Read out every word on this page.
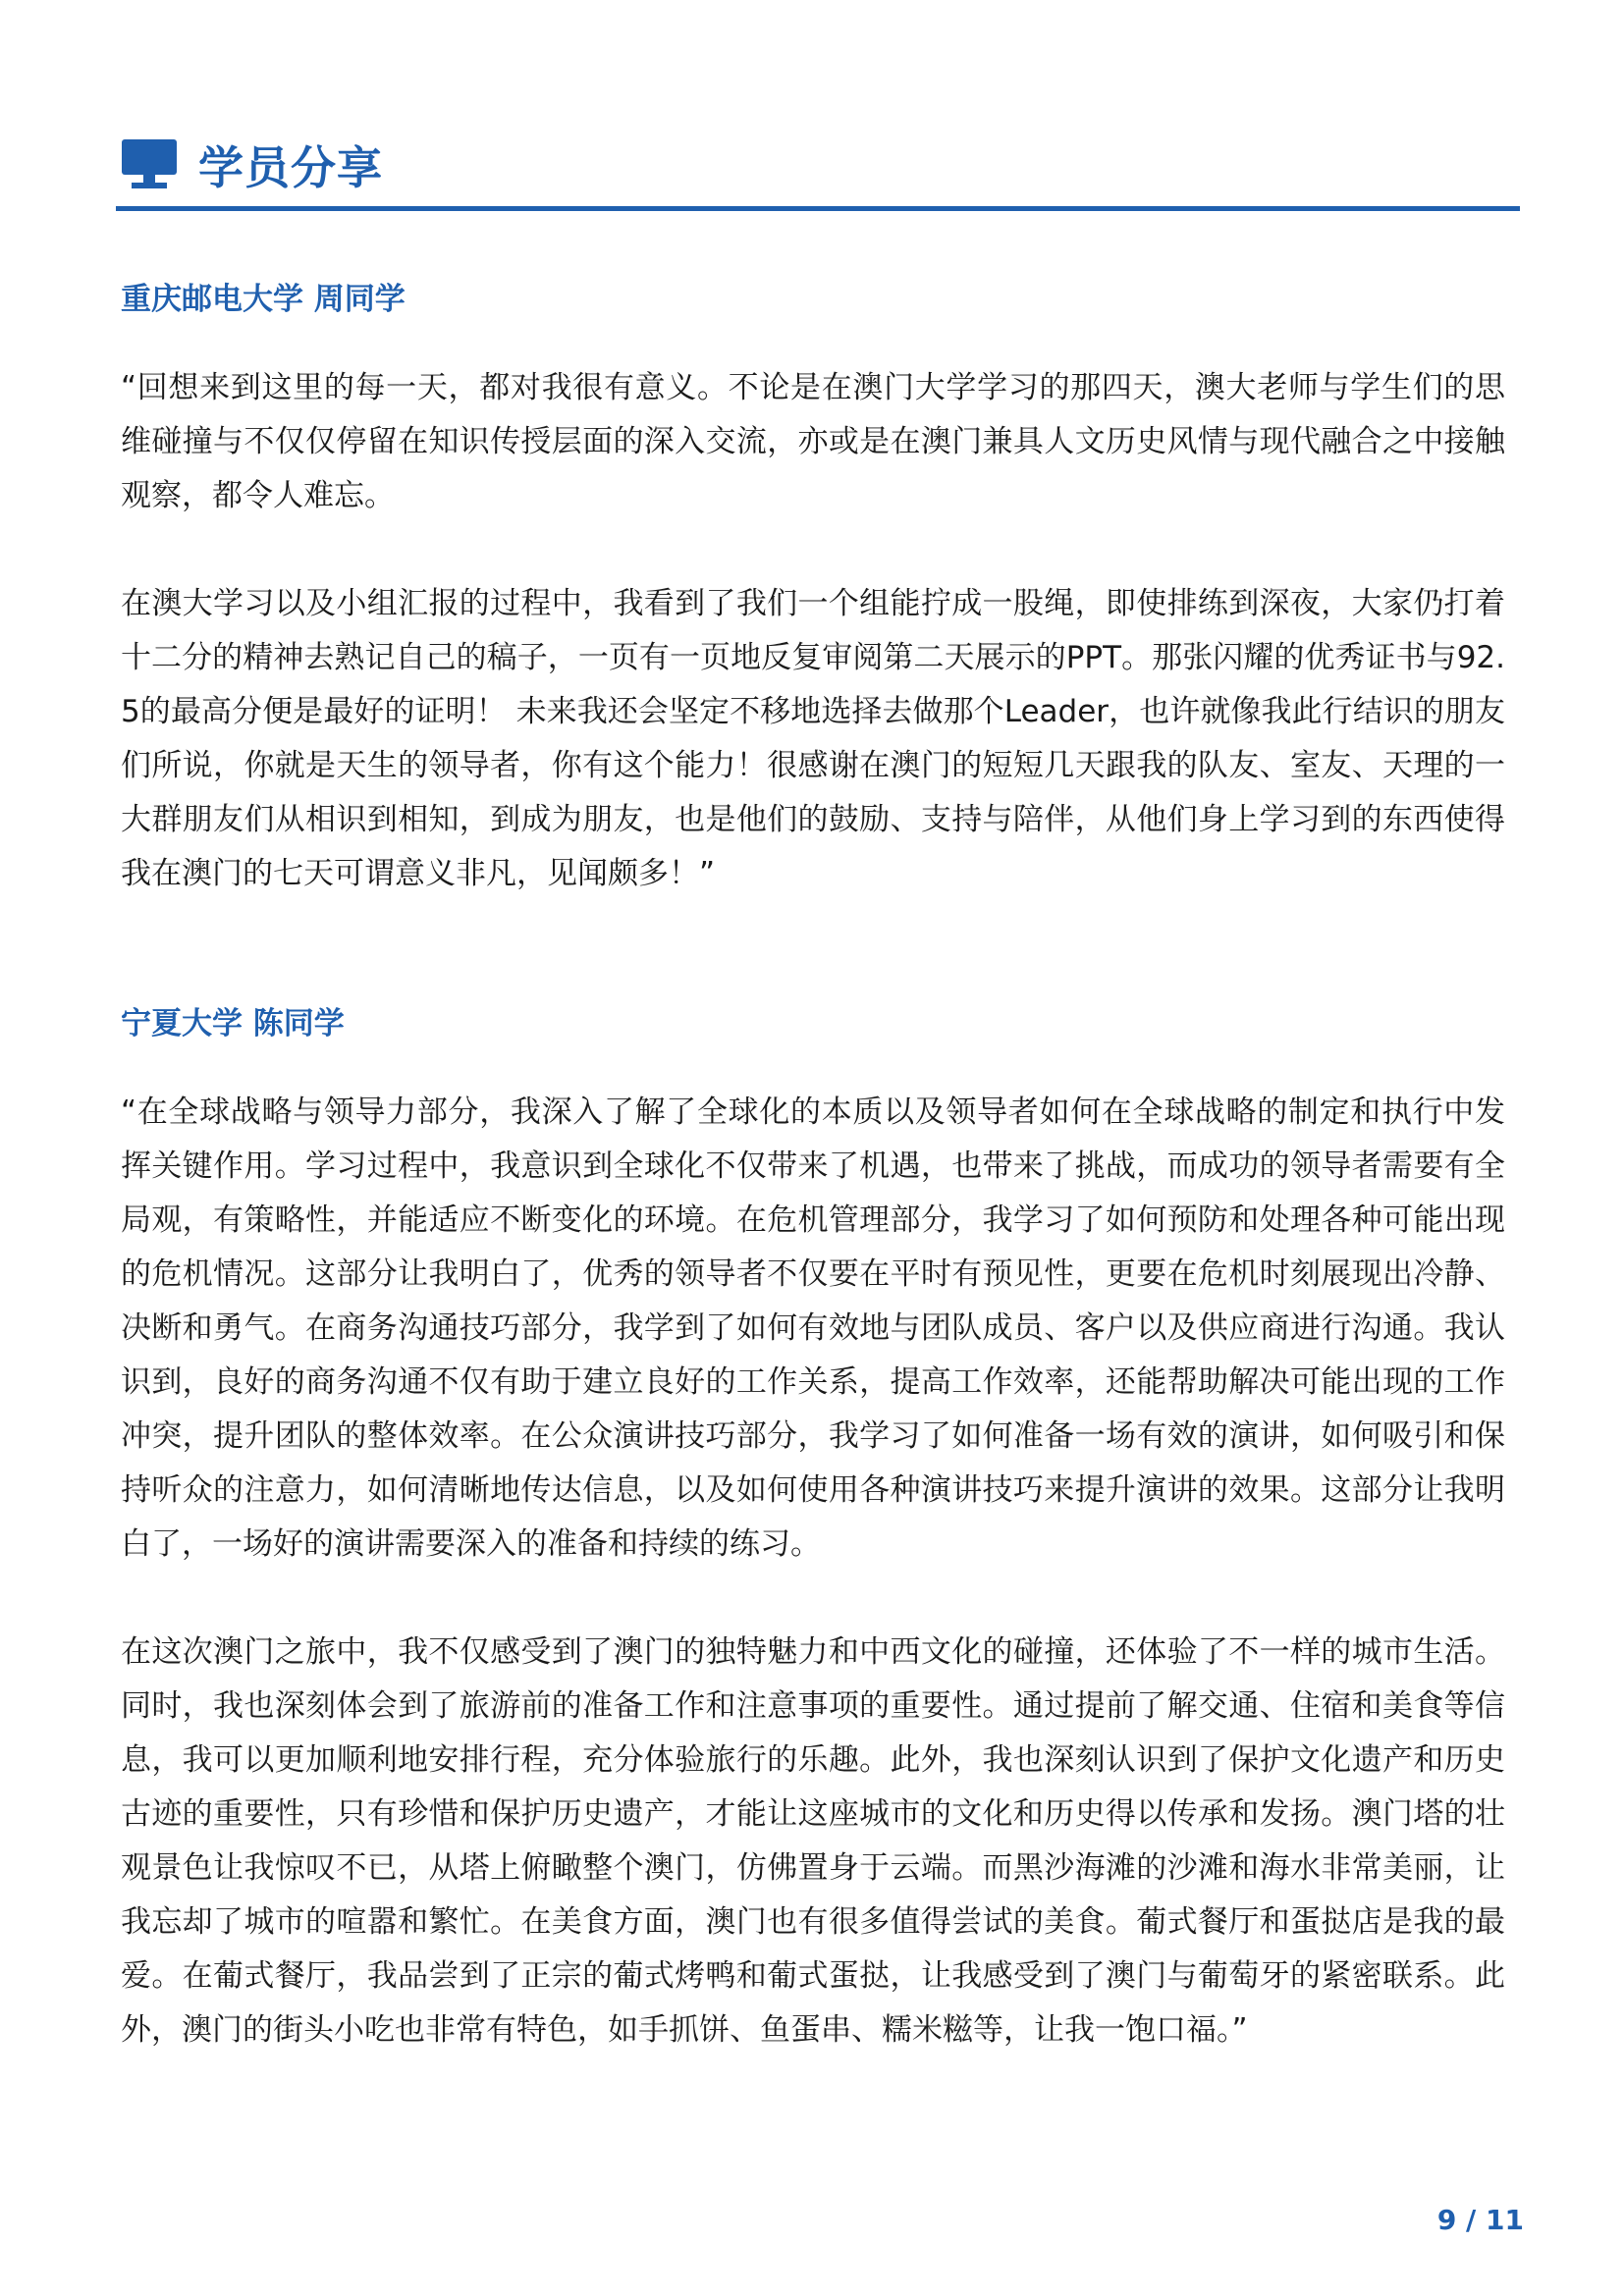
学员分享

重庆邮电大学 周同学

“回想来到这里的每一天，都对我很有意义。不论是在澳门大学学习的那四天，澳大老师与学生们的思维碰撞与不仅仅停留在知识传授层面的深入交流，亦或是在澳门兼具人文历史风情与现代融合之中接触观察，都令人难忘。

在澳大学习以及小组汇报的过程中，我看到了我们一个组能拧成一股绳，即使排练到深夜，大家仍打着十二分的精神去熟记自己的稿子，一页有一页地反复审阅第二天展示的PPT。那张闪耀的优秀证书与92.5的最高分便是最好的证明！ 未来我还会坚定不移地选择去做那个Leader，也许就像我此行结识的朋友们所说，你就是天生的领导者，你有这个能力！很感谢在澳门的短短几天跟我的队友、室友、天理的一大群朋友们从相识到相知，到成为朋友，也是他们的鼓励、支持与陪伴，从他们身上学习到的东西使得我在澳门的七天可谓意义非凡，见闻颇多！”

宁夏大学 陈同学

“在全球战略与领导力部分，我深入了解了全球化的本质以及领导者如何在全球战略的制定和执行中发挥关键作用。学习过程中，我意识到全球化不仅带来了机遇，也带来了挑战，而成功的领导者需要有全局观，有策略性，并能适应不断变化的环境。在危机管理部分，我学习了如何预防和处理各种可能出现的危机情况。这部分让我明白了，优秀的领导者不仅要在平时有预见性，更要在危机时刻展现出冷静、决断和勇气。在商务沟通技巧部分，我学到了如何有效地与团队成员、客户以及供应商进行沟通。我认识到，良好的商务沟通不仅有助于建立良好的工作关系，提高工作效率，还能帮助解决可能出现的工作冲突，提升团队的整体效率。在公众演讲技巧部分，我学习了如何准备一场有效的演讲，如何吸引和保持听众的注意力，如何清晰地传达信息，以及如何使用各种演讲技巧来提升演讲的效果。这部分让我明白了，一场好的演讲需要深入的准备和持续的练习。

在这次澳门之旅中，我不仅感受到了澳门的独特魅力和中西文化的碰撞，还体验了不一样的城市生活。同时，我也深刻体会到了旅游前的准备工作和注意事项的重要性。通过提前了解交通、住宿和美食等信息，我可以更加顺利地安排行程，充分体验旅行的乐趣。此外，我也深刻认识到了保护文化遗产和历史古迹的重要性，只有珍惜和保护历史遗产，才能让这座城市的文化和历史得以传承和发扬。澳门塔的壮观景色让我惊叹不已，从塔上俯瞰整个澳门，仿佛置身于云端。而黑沙海滩的沙滩和海水非常美丽，让我忘却了城市的喧嚣和繁忙。在美食方面，澳门也有很多值得尝试的美食。葡式餐厅和蛋挞店是我的最爱。在葡式餐厅，我品尝到了正宗的葡式烤鸭和葡式蛋挞，让我感受到了澳门与葡萄牙的紧密联系。此外，澳门的街头小吃也非常有特色，如手抓饼、鱼蛋串、糯米糍等，让我一饱口福。”

9 / 11
